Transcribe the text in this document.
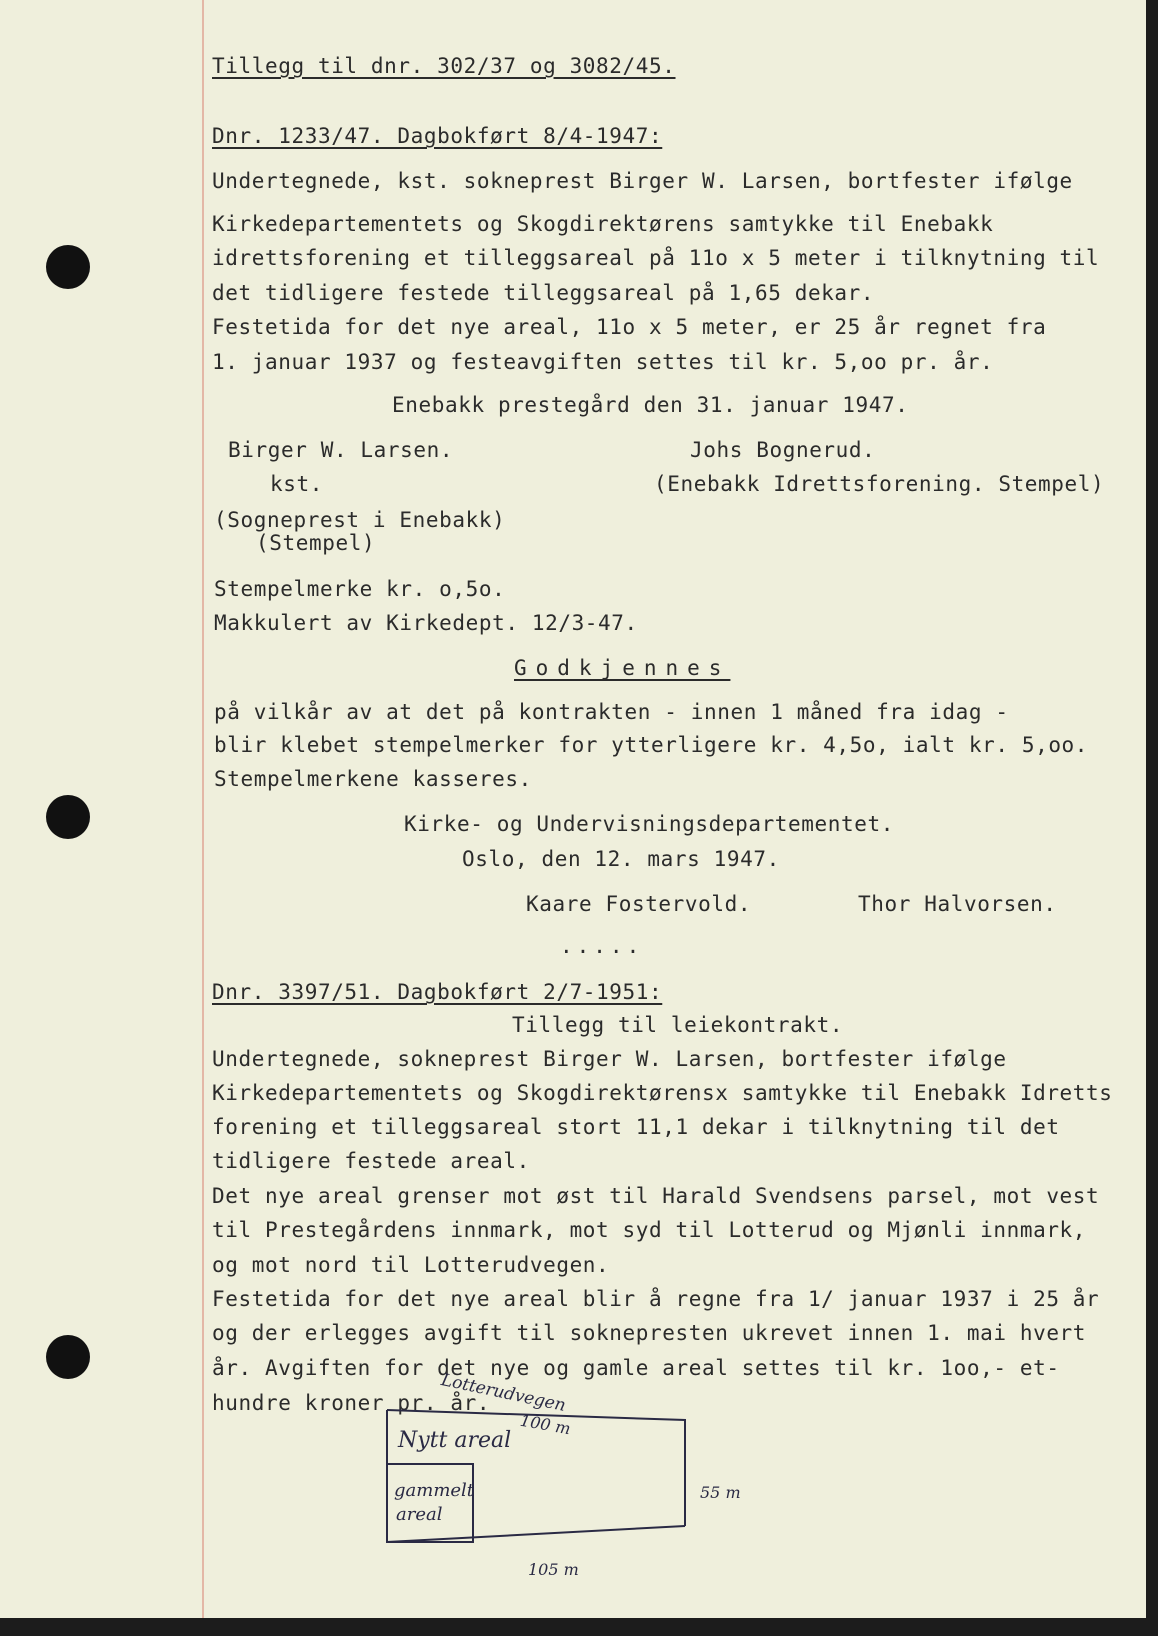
Tillegg til dnr. 302/37 og 3082/45.
Dnr. 1233/47. Dagbokført 8/4-1947:
Undertegnede, kst. sokneprest Birger W. Larsen, bortfester ifølge
Kirkedepartementets og Skogdirektørens samtykke til Enebakk
idrettsforening et tilleggsareal på 11o x 5 meter i tilknytning til
det tidligere festede tilleggsareal på 1,65 dekar.
Festetida for det nye areal, 11o x 5 meter, er 25 år regnet fra
1. januar 1937 og festeavgiften settes til kr. 5,oo pr. år.
Enebakk prestegård den 31. januar 1947.
Birger W. Larsen.	Johs Bognerud.
kst.	(Enebakk Idrettsforening. Stempel)
(Sogneprest i Enebakk)
(Stempel)
Stempelmerke kr. o,5o.
Makkulert av Kirkedept. 12/3-47.
Godkjennes
på vilkår av at det på kontrakten - innen 1 måned fra idag -
blir klebet stempelmerker for ytterligere kr. 4,5o, ialt kr. 5,oo.
Stempelmerkene kasseres.
Kirke- og Undervisningsdepartementet.
Oslo, den 12. mars 1947.
Kaare Fostervold.	Thor Halvorsen.
.....
Dnr. 3397/51. Dagbokført 2/7-1951:
Tillegg til leiekontrakt.
Undertegnede, sokneprest Birger W. Larsen, bortfester ifølge
Kirkedepartementets og Skogdirektørensx samtykke til Enebakk Idretts
forening et tilleggsareal stort 11,1 dekar i tilknytning til det
tidligere festede areal.
Det nye areal grenser mot øst til Harald Svendsens parsel, mot vest
til Prestegårdens innmark, mot syd til Lotterud og Mjønli innmark,
og mot nord til Lotterudvegen.
Festetida for det nye areal blir å regne fra 1/ januar 1937 i 25 år
og der erlegges avgift til soknepresten ukrevet innen 1. mai hvert
år. Avgiften for det nye og gamle areal settes til kr. 1oo,- et-
hundre kroner pr. år.
Lotterudvegen
100 m
Nytt areal
gammelt
areal
55 m
105 m
